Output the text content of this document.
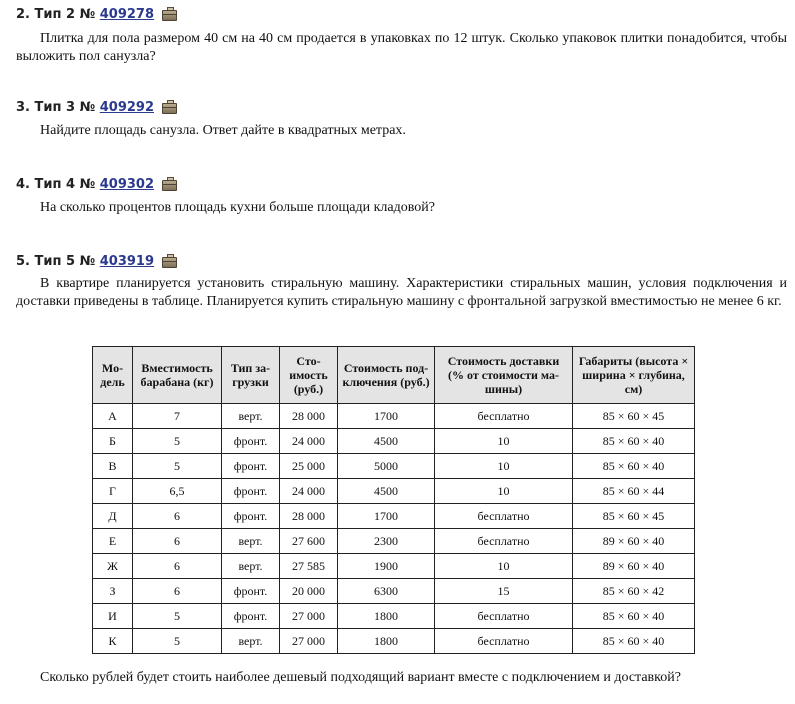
2. Тип 2 № 409278

Плитка для пола размером 40 см на 40 см продается в упаковках по 12 штук. Сколько упаковок плитки понадобится, чтобы выложить пол санузла?

3. Тип 3 № 409292

Найдите площадь санузла. Ответ дайте в квадратных метрах.

4. Тип 4 № 409302

На сколько процентов площадь кухни больше площади кладовой?

5. Тип 5 № 403919

В квартире планируется установить стиральную машину. Характеристики стиральных машин, условия подключения и доставки приведены в таблице. Планируется купить стиральную машину с фронтальной загрузкой вместимостью не менее 6 кг.

Мо-дель	Вместимость барабана (кг)	Тип за-грузки	Сто-имость (руб.)	Стоимость под-ключения (руб.)	Стоимость доставки (% от стоимости ма-шины)	Габариты (высота × ширина × глубина, см)
А	7	верт.	28 000	1700	бесплатно	85 × 60 × 45
Б	5	фронт.	24 000	4500	10	85 × 60 × 40
В	5	фронт.	25 000	5000	10	85 × 60 × 40
Г	6,5	фронт.	24 000	4500	10	85 × 60 × 44
Д	6	фронт.	28 000	1700	бесплатно	85 × 60 × 45
Е	6	верт.	27 600	2300	бесплатно	89 × 60 × 40
Ж	6	верт.	27 585	1900	10	89 × 60 × 40
З	6	фронт.	20 000	6300	15	85 × 60 × 42
И	5	фронт.	27 000	1800	бесплатно	85 × 60 × 40
К	5	верт.	27 000	1800	бесплатно	85 × 60 × 40
Сколько рублей будет стоить наиболее дешевый подходящий вариант вместе с подключением и доставкой?
